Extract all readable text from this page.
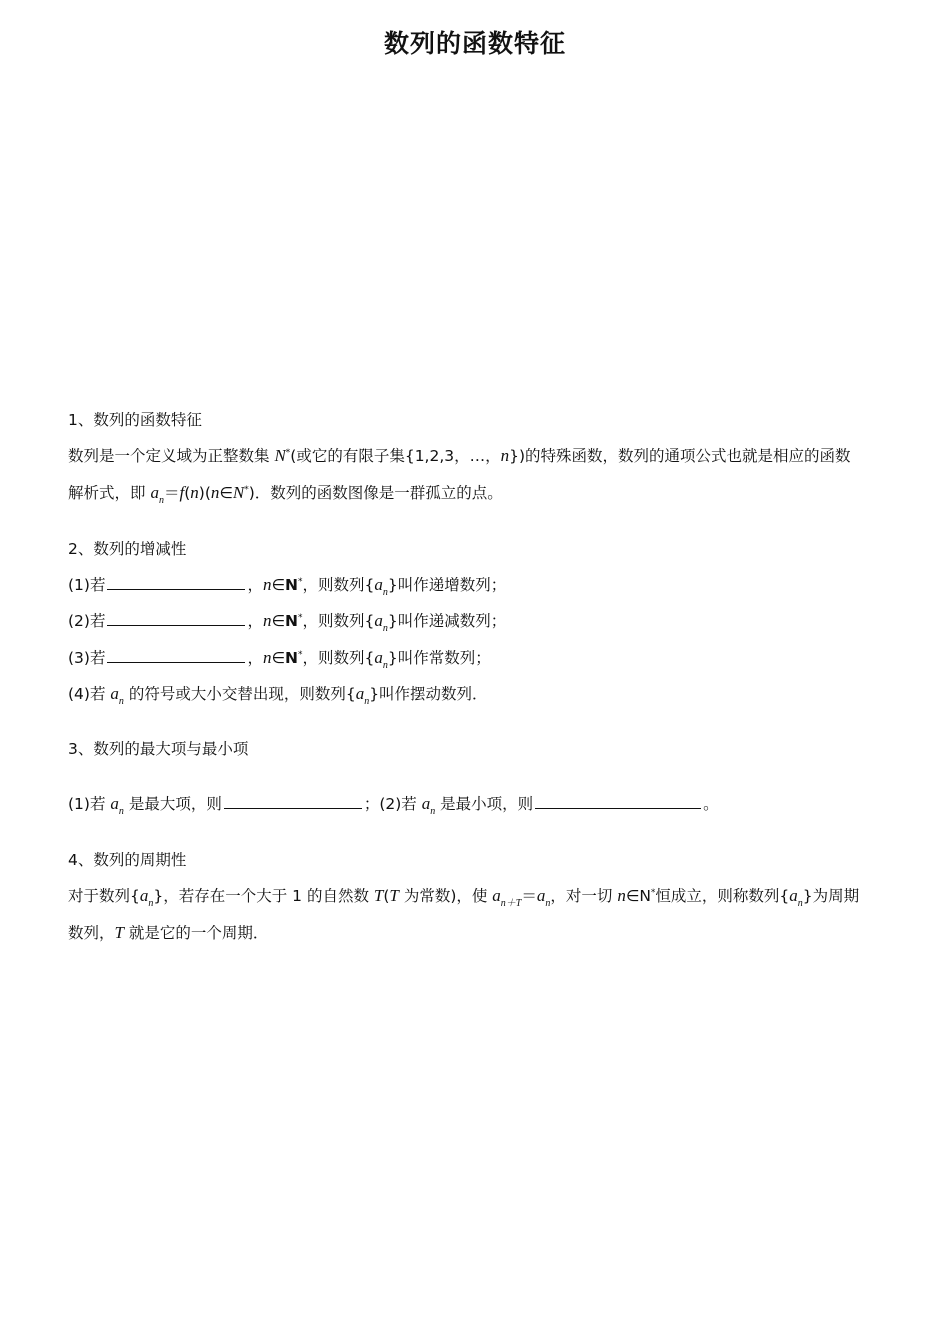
数列的函数特征
1、数列的函数特征
数列是一个定义域为正整数集 N*(或它的有限子集{1,2,3，…，n})的特殊函数，数列的通项公式也就是相应的函数
解析式，即 $a_n=f(n)(n\in N^*)$．数列的函数图像是一群孤立的点。
2、数列的增减性
(1)若	，n∈N*，则数列$\{a_n\}$叫作递增数列；
(2)若	，n∈N*，则数列$\{a_n\}$叫作递减数列；
(3)若	，n∈N*，则数列$\{a_n\}$叫作常数列；
(4)若 $a_n$ 的符号或大小交替出现，则数列$\{a_n\}$叫作摆动数列．
3、数列的最大项与最小项
(1)若 $a_n$ 是最大项，则	；(2)若 $a_n$ 是最小项，则	。
4、数列的周期性
对于数列$\{a_n\}$，若存在一个大于 1 的自然数 T(T 为常数)，使 $a_{n+T}=a_n$，对一切 n∈N*恒成立，则称数列$\{a_n\}$为周期
数列，T 就是它的一个周期．
